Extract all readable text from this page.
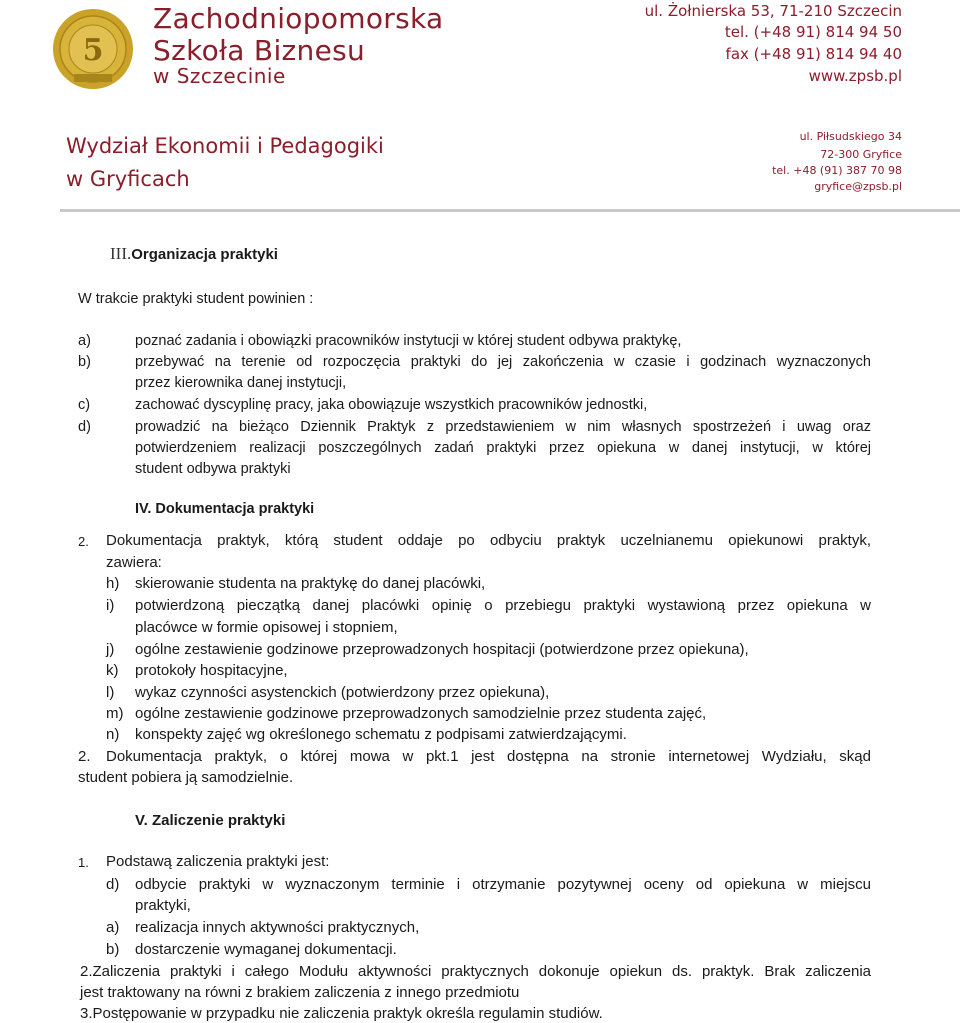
5
Zachodniopomorska
Szkoła Biznesu
w Szczecinie
ul. Żołnierska 53, 71-210 Szczecin
tel. (+48 91) 814 94 50
fax (+48 91) 814 94 40
www.zpsb.pl
Wydział Ekonomii i Pedagogiki
w Gryficach
ul. Piłsudskiego 34
72-300 Gryfice
tel. +48 (91) 387 70 98
gryfice@zpsb.pl
III.Organizacja praktyki
W trakcie praktyki student powinien :
a)	poznać zadania i obowiązki pracowników instytucji w której student odbywa praktykę,
b)	przebywać na terenie od rozpoczęcia praktyki do jej zakończenia w czasie i godzinach wyznaczonych
przez kierownika danej instytucji,
c)	zachować dyscyplinę pracy, jaka obowiązuje wszystkich pracowników jednostki,
d)	prowadzić na bieżąco Dziennik Praktyk z przedstawieniem w nim własnych spostrzeżeń i uwag oraz
potwierdzeniem realizacji poszczególnych zadań praktyki przez opiekuna w danej instytucji, w której
student odbywa praktyki
IV. Dokumentacja praktyki
2. Dokumentacja praktyk, którą student oddaje po odbyciu praktyk uczelnianemu opiekunowi praktyk,
zawiera:
h) skierowanie studenta na praktykę do danej placówki,
i) potwierdzoną pieczątką danej placówki opinię o przebiegu praktyki wystawioną przez opiekuna w
placówce w formie opisowej i stopniem,
j) ogólne zestawienie godzinowe przeprowadzonych hospitacji (potwierdzone przez opiekuna),
k) protokoły hospitacyjne,
l) wykaz czynności asystenckich (potwierdzony przez opiekuna),
m) ogólne zestawienie godzinowe przeprowadzonych samodzielnie przez studenta zajęć,
n) konspekty zajęć wg określonego schematu z podpisami zatwierdzającymi.
2. Dokumentacja praktyk, o której mowa w pkt.1 jest dostępna na stronie internetowej Wydziału, skąd
student pobiera ją samodzielnie.
V. Zaliczenie praktyki
1. Podstawą zaliczenia praktyki jest:
d) odbycie praktyki w wyznaczonym terminie i otrzymanie pozytywnej oceny od opiekuna w miejscu
praktyki,
a) realizacja innych aktywności praktycznych,
b) dostarczenie wymaganej dokumentacji.
2.Zaliczenia praktyki i całego Modułu aktywności praktycznych dokonuje opiekun ds. praktyk. Brak zaliczenia
jest traktowany na równi z brakiem zaliczenia z innego przedmiotu
3.Postępowanie w przypadku nie zaliczenia praktyk określa regulamin studiów.
